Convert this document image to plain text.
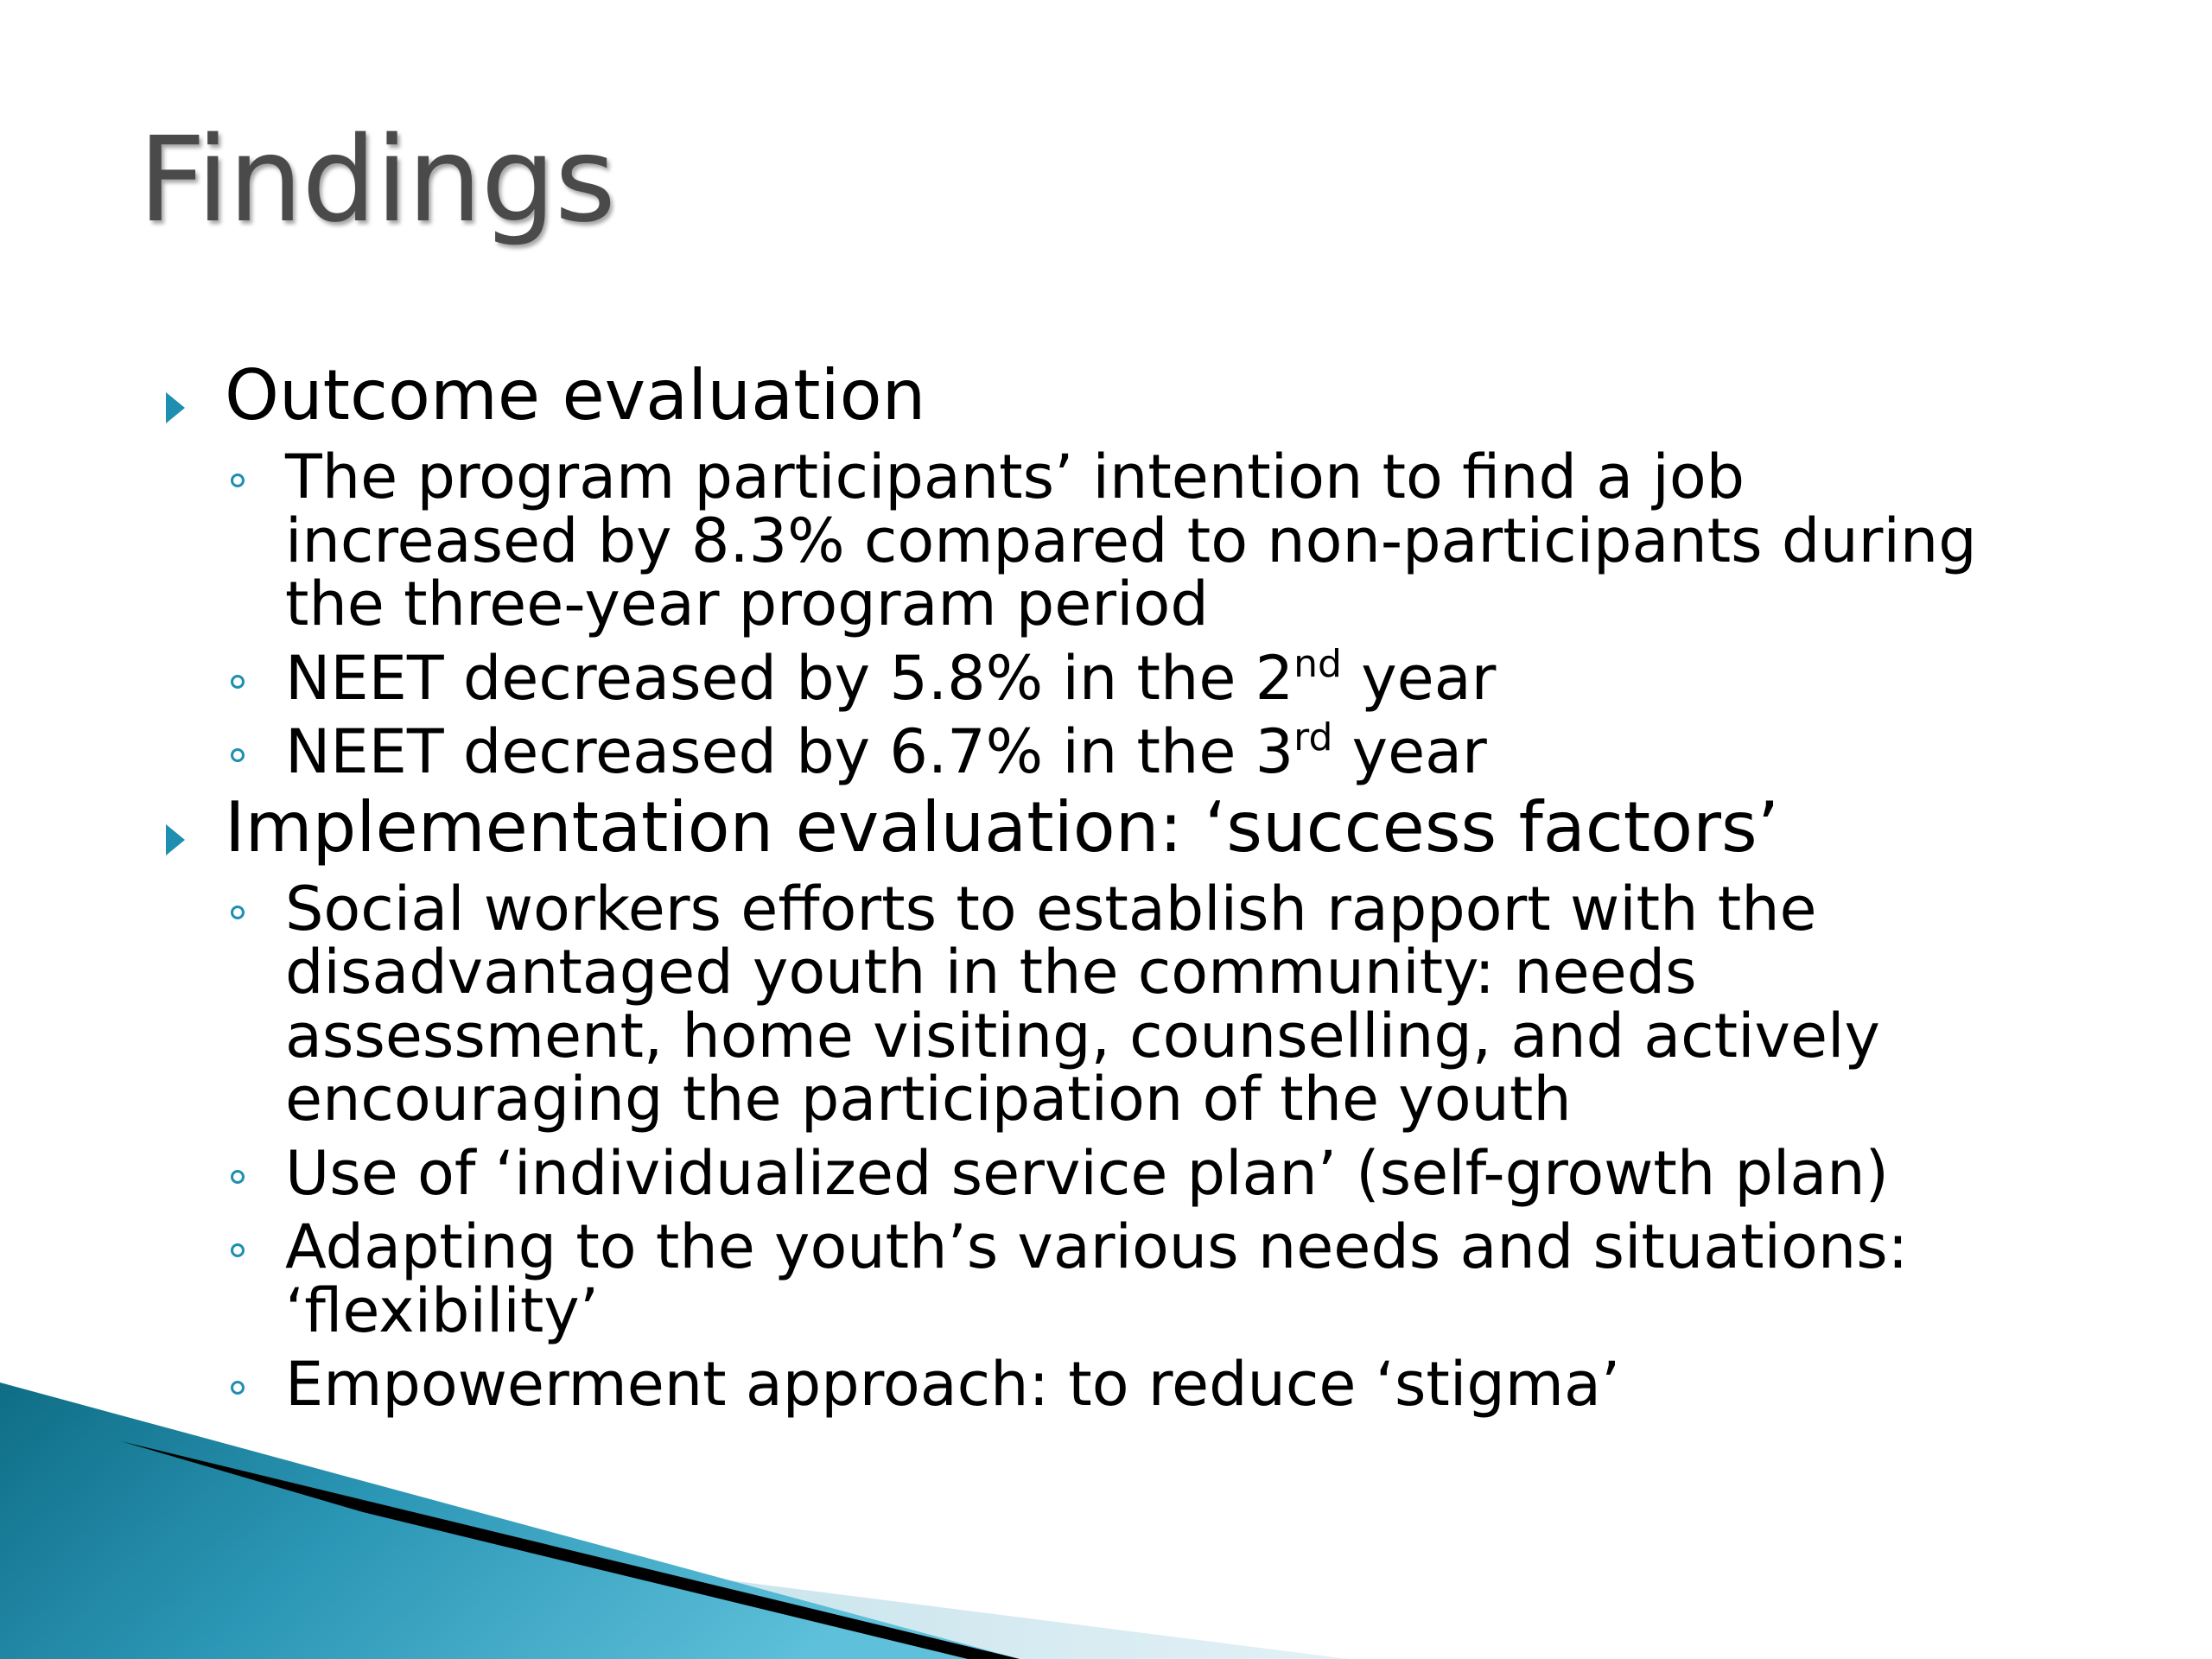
Findings
Outcome evaluation
The program participants’ intention to find a job
increased by 8.3% compared to non-participants during
the three-year program period
NEET decreased by 5.8% in the 2nd year
NEET decreased by 6.7% in the 3rd year
Implementation evaluation: ‘success factors’
Social workers efforts to establish rapport with the
disadvantaged youth in the community: needs
assessment, home visiting, counselling, and actively
encouraging the participation of the youth
Use of ‘individualized service plan’ (self-growth plan)
Adapting to the youth’s various needs and situations:
‘flexibility’
Empowerment approach: to reduce ‘stigma’
